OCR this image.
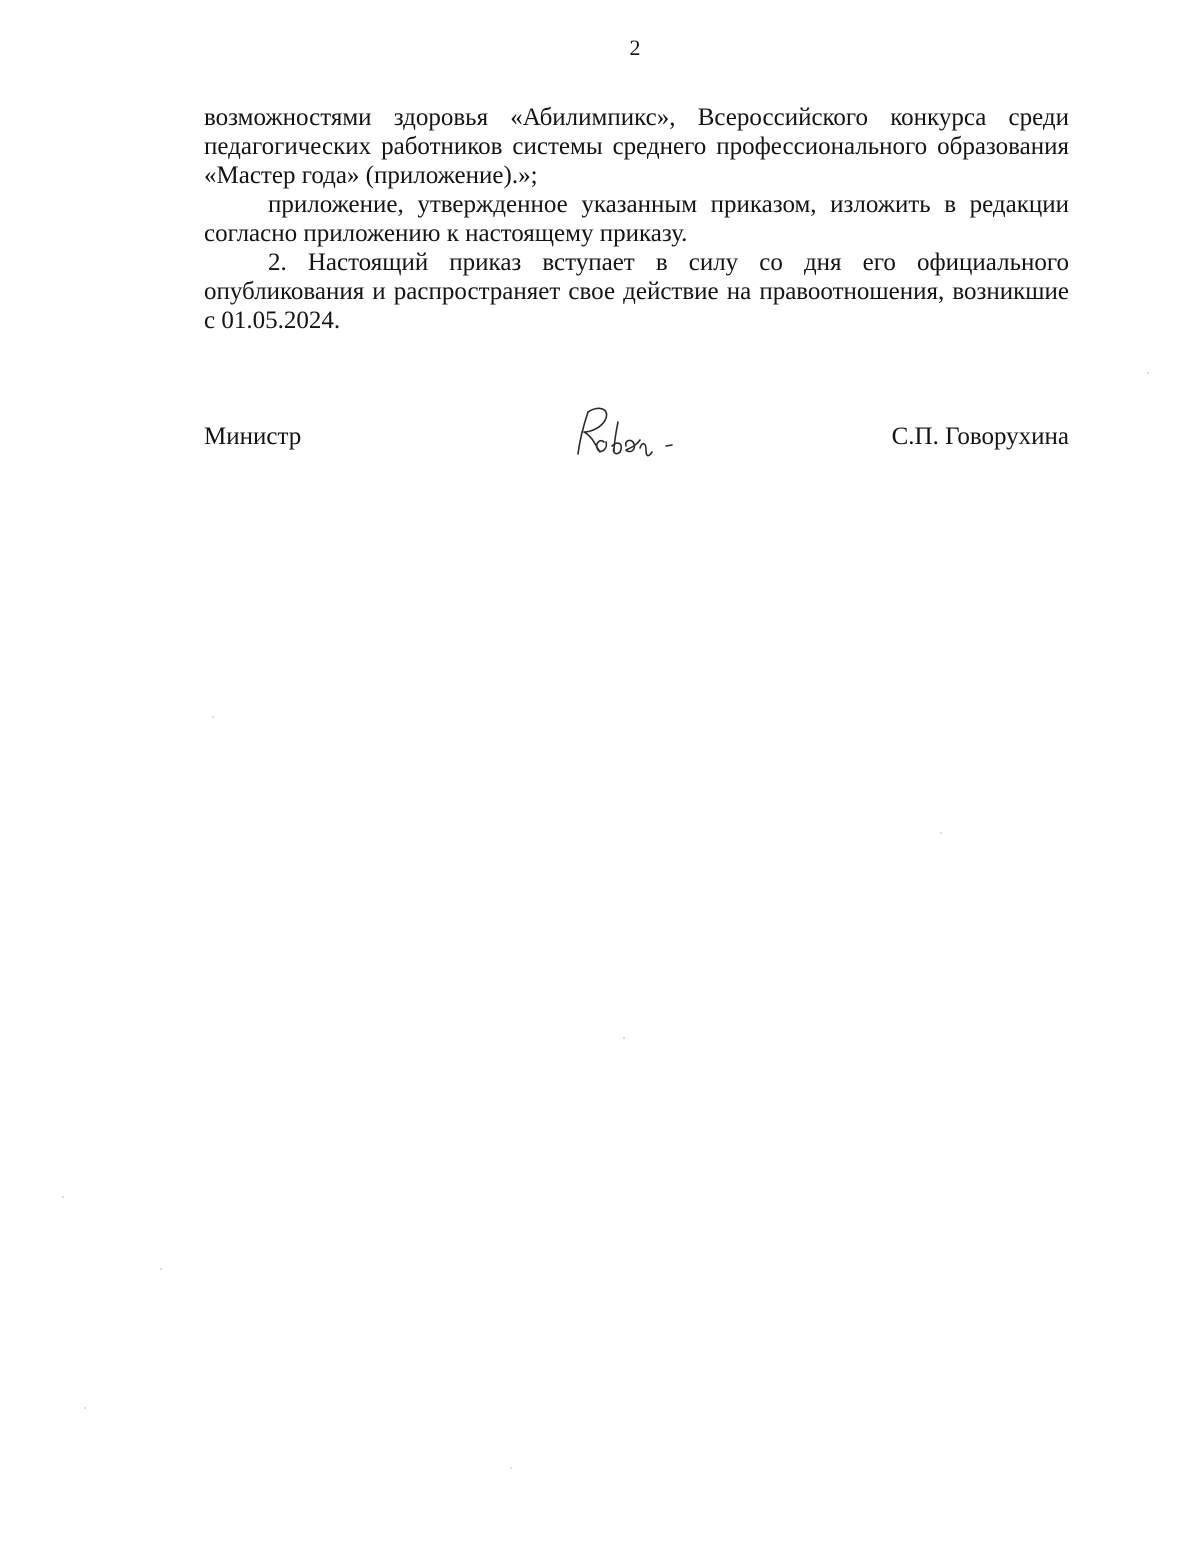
2

возможностями здоровья «Абилимпикс», Всероссийского конкурса среди педагогических работников системы среднего профессионального образования «Мастер года» (приложение).»;

приложение, утвержденное указанным приказом, изложить в редакции согласно приложению к настоящему приказу.

2. Настоящий приказ вступает в силу со дня его официального опубликования и распространяет свое действие на правоотношения, возникшие с 01.05.2024.

Министр	С.П. Говорухина
